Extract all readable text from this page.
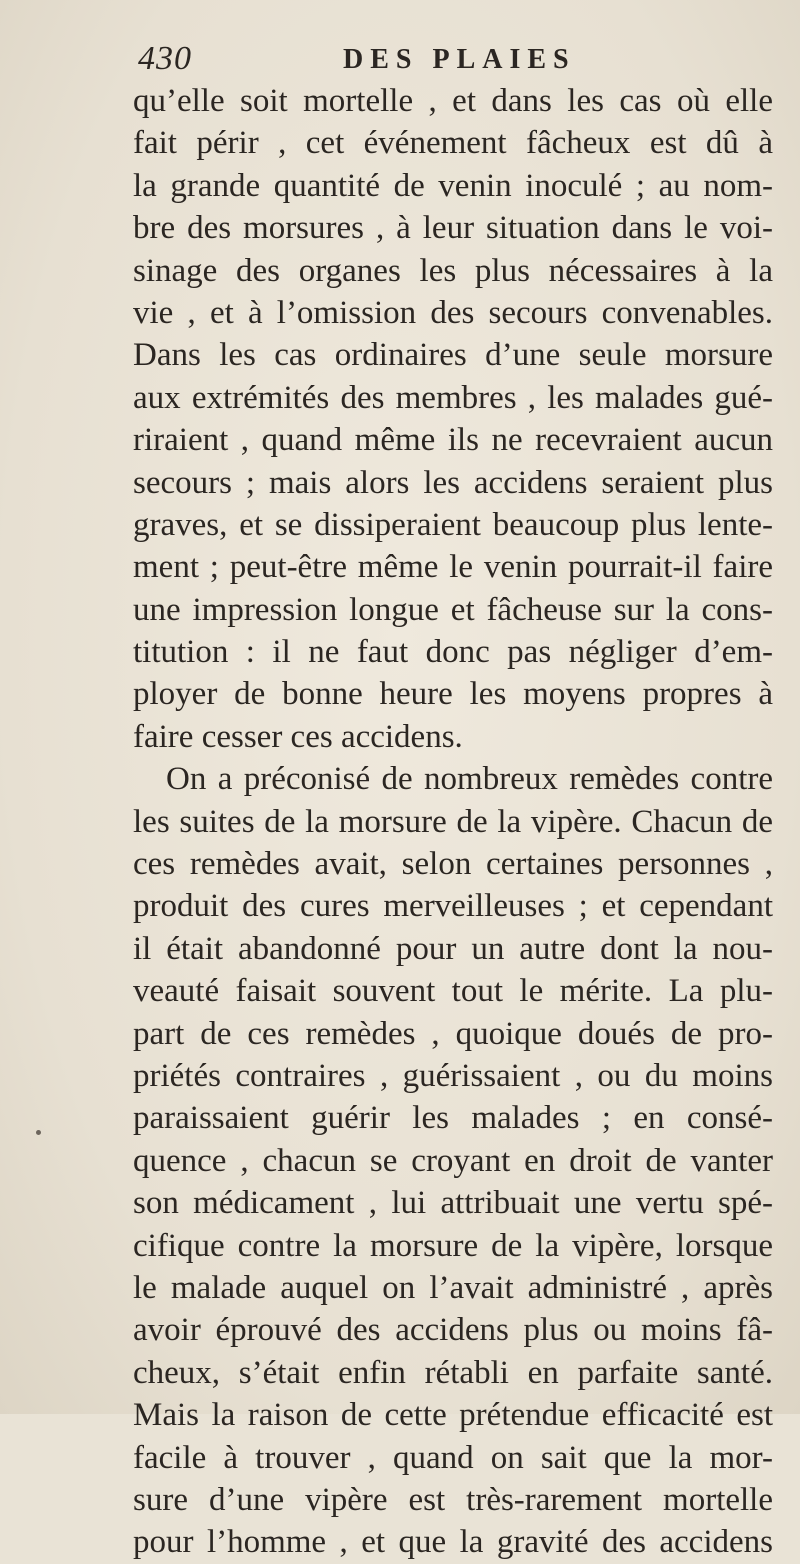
430	DES PLAIES
qu’elle soit mortelle , et dans les cas où elle
fait périr , cet événement fâcheux est dû à
la grande quantité de venin inoculé ; au nom-
bre des morsures , à leur situation dans le voi-
sinage des organes les plus nécessaires à la
vie , et à l’omission des secours convenables.
Dans les cas ordinaires d’une seule morsure
aux extrémités des membres , les malades gué-
riraient , quand même ils ne recevraient aucun
secours ; mais alors les accidens seraient plus
graves, et se dissiperaient beaucoup plus lente-
ment ; peut-être même le venin pourrait-il faire
une impression longue et fâcheuse sur la cons-
titution : il ne faut donc pas négliger d’em-
ployer de bonne heure les moyens propres à
faire cesser ces accidens.
On a préconisé de nombreux remèdes contre
les suites de la morsure de la vipère. Chacun de
ces remèdes avait, selon certaines personnes ,
produit des cures merveilleuses ; et cependant
il était abandonné pour un autre dont la nou-
veauté faisait souvent tout le mérite. La plu-
part de ces remèdes , quoique doués de pro-
priétés contraires , guérissaient , ou du moins
paraissaient guérir les malades ; en consé-
quence , chacun se croyant en droit de vanter
son médicament , lui attribuait une vertu spé-
cifique contre la morsure de la vipère, lorsque
le malade auquel on l’avait administré , après
avoir éprouvé des accidens plus ou moins fâ-
cheux, s’était enfin rétabli en parfaite santé.
Mais la raison de cette prétendue efficacité est
facile à trouver , quand on sait que la mor-
sure d’une vipère est très-rarement mortelle
pour l’homme , et que la gravité des accidens
